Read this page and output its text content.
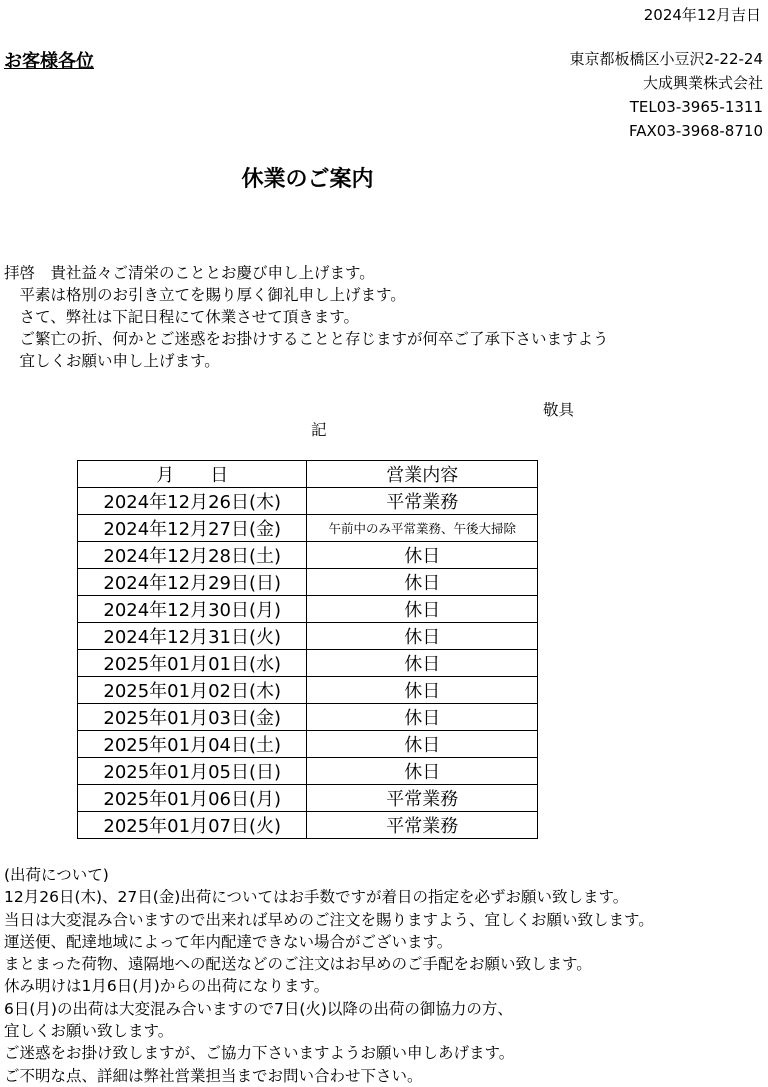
2024年12月吉日
お客様各位	東京都板橋区小豆沢2-22-24
大成興業株式会社
TEL03-3965-1311
FAX03-3968-8710
休業のご案内
拝啓　貴社益々ご清栄のこととお慶び申し上げます。
　平素は格別のお引き立てを賜り厚く御礼申し上げます。
　さて、弊社は下記日程にて休業させて頂きます。
　ご繁亡の折、何かとご迷惑をお掛けすることと存じますが何卒ご了承下さいますよう
　宜しくお願い申し上げます。
敬具
記
月　　日	営業内容
2024年12月26日(木)	平常業務
2024年12月27日(金)	午前中のみ平常業務、午後大掃除
2024年12月28日(土)	休日
2024年12月29日(日)	休日
2024年12月30日(月)	休日
2024年12月31日(火)	休日
2025年01月01日(水)	休日
2025年01月02日(木)	休日
2025年01月03日(金)	休日
2025年01月04日(土)	休日
2025年01月05日(日)	休日
2025年01月06日(月)	平常業務
2025年01月07日(火)	平常業務
(出荷について)
12月26日(木)、27日(金)出荷についてはお手数ですが着日の指定を必ずお願い致します。
当日は大変混み合いますので出来れば早めのご注文を賜りますよう、宜しくお願い致します。
運送便、配達地域によって年内配達できない場合がございます。
まとまった荷物、遠隔地への配送などのご注文はお早めのご手配をお願い致します。
休み明けは1月6日(月)からの出荷になります。
6日(月)の出荷は大変混み合いますので7日(火)以降の出荷の御協力の方、
宜しくお願い致します。
ご迷惑をお掛け致しますが、ご協力下さいますようお願い申しあげます。
ご不明な点、詳細は弊社営業担当までお問い合わせ下さい。
